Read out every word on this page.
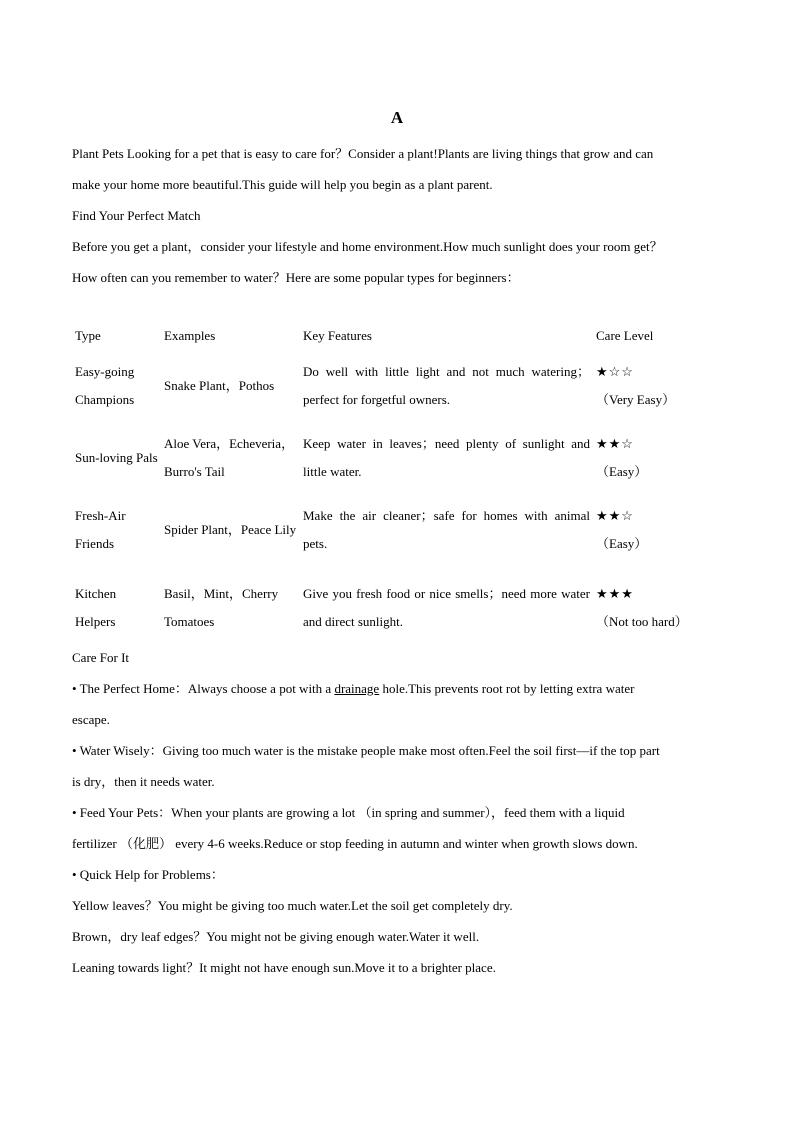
A

Plant Pets Looking for a pet that is easy to care for？Consider a plant!Plants are living things that grow and can

make your home more beautiful.This guide will help you begin as a plant parent.

Find Your Perfect Match

Before you get a plant，consider your lifestyle and home environment.How much sunlight does your room get？

How often can you remember to water？Here are some popular types for beginners：

Type	Examples	Key Features	Care Level
Easy-going Champions	Snake Plant，Pothos	Do well with little light and not much watering；perfect for forgetful owners.	★☆☆
（Very Easy）
Sun-loving Pals	Aloe Vera，Echeveria，Burro's Tail	Keep water in leaves；need plenty of sunlight and little water.	★★☆
（Easy）
Fresh-Air Friends	Spider Plant，Peace Lily	Make the air cleaner；safe for homes with animal pets.	★★☆
（Easy）
Kitchen Helpers	Basil，Mint，Cherry Tomatoes	Give you fresh food or nice smells；need more water and direct sunlight.	★★★
（Not too hard）

Care For It

• The Perfect Home：Always choose a pot with a drainage hole.This prevents root rot by letting extra water

escape.

• Water Wisely：Giving too much water is the mistake people make most often.Feel the soil first—if the top part

is dry，then it needs water.

• Feed Your Pets：When your plants are growing a lot （in spring and summer），feed them with a liquid

fertilizer （化肥） every 4-6 weeks.Reduce or stop feeding in autumn and winter when growth slows down.

• Quick Help for Problems：

Yellow leaves？You might be giving too much water.Let the soil get completely dry.

Brown，dry leaf edges？You might not be giving enough water.Water it well.

Leaning towards light？It might not have enough sun.Move it to a brighter place.
